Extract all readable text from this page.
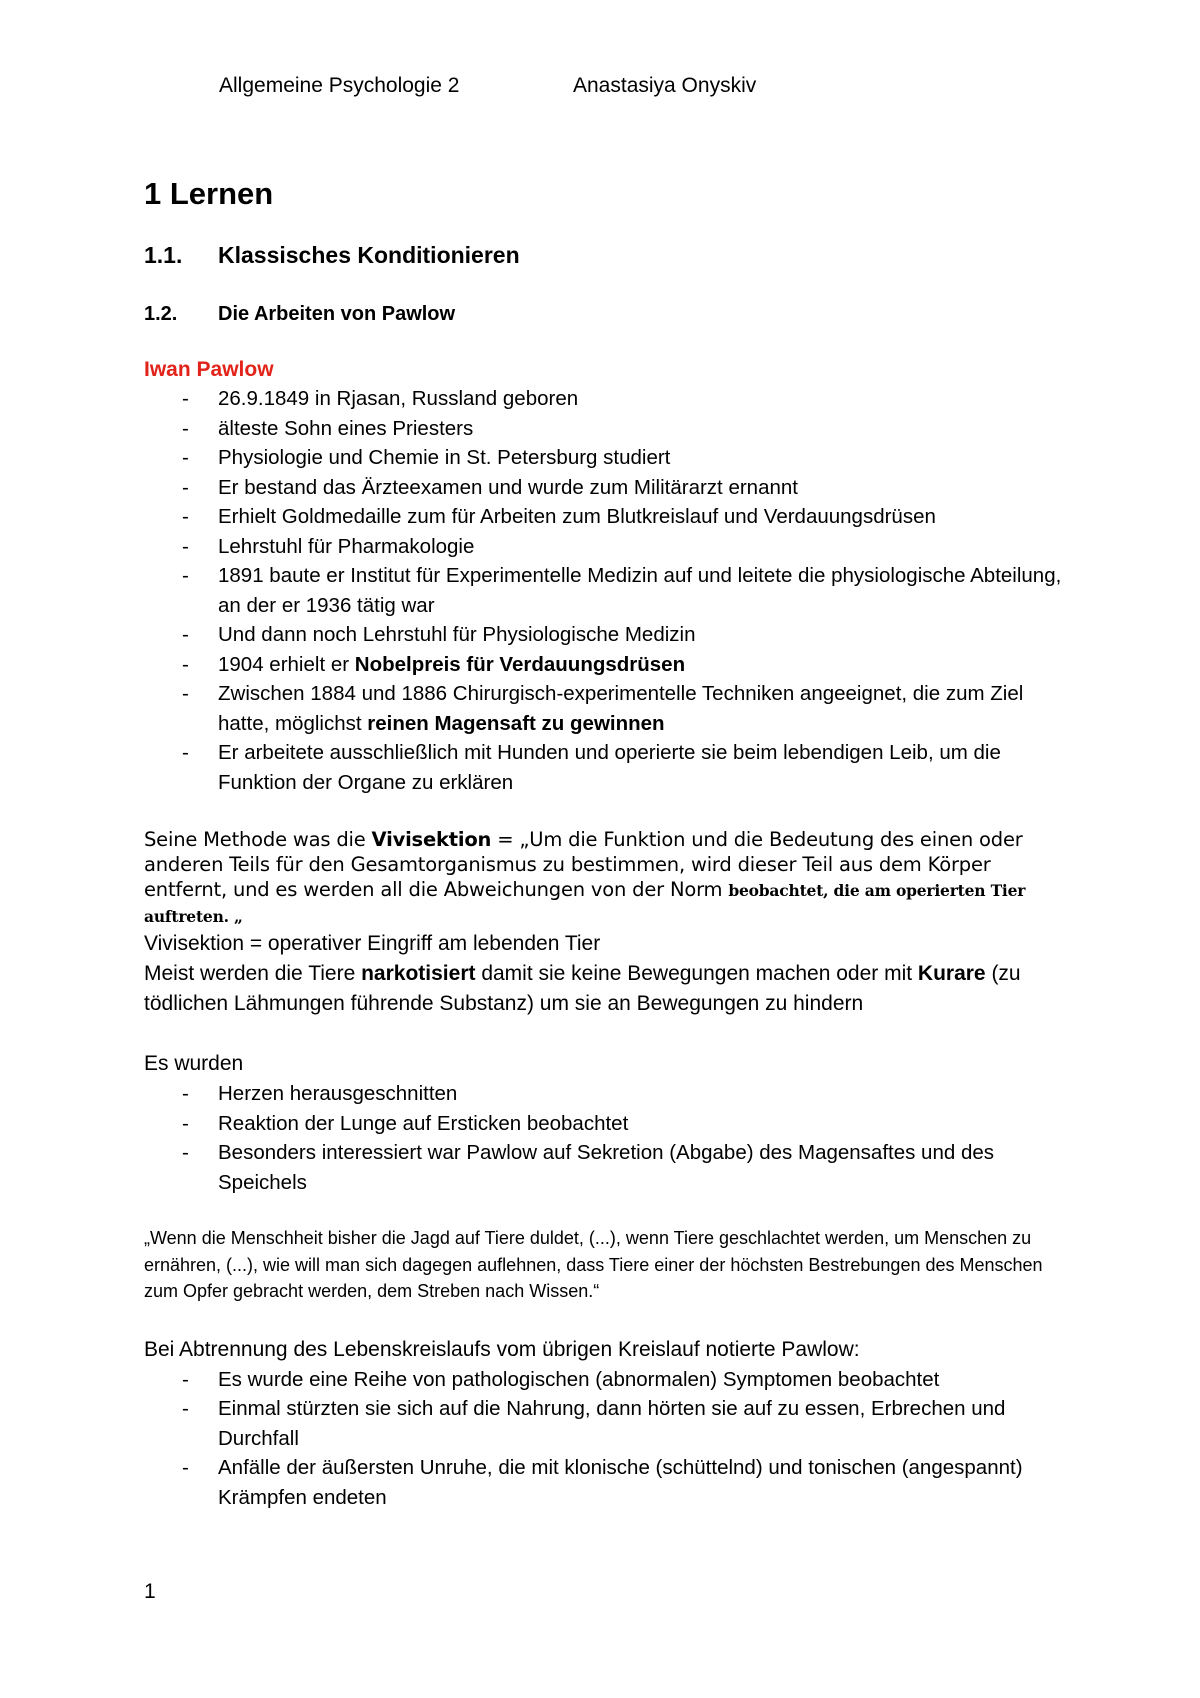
Allgemeine Psychologie 2	Anastasiya Onyskiv
1 Lernen
1.1.	Klassisches Konditionieren
1.2.	Die Arbeiten von Pawlow
Iwan Pawlow
- 26.9.1849 in Rjasan, Russland geboren
- älteste Sohn eines Priesters
- Physiologie und Chemie in St. Petersburg studiert
- Er bestand das Ärzteexamen und wurde zum Militärarzt ernannt
- Erhielt Goldmedaille zum für Arbeiten zum Blutkreislauf und Verdauungsdrüsen
- Lehrstuhl für Pharmakologie
- 1891 baute er Institut für Experimentelle Medizin auf und leitete die physiologische Abteilung, an der er 1936 tätig war
- Und dann noch Lehrstuhl für Physiologische Medizin
- 1904 erhielt er Nobelpreis für Verdauungsdrüsen
- Zwischen 1884 und 1886 Chirurgisch-experimentelle Techniken angeeignet, die zum Ziel hatte, möglichst reinen Magensaft zu gewinnen
- Er arbeitete ausschließlich mit Hunden und operierte sie beim lebendigen Leib, um die Funktion der Organe zu erklären
Seine Methode was die Vivisektion = „Um die Funktion und die Bedeutung des einen oder anderen Teils für den Gesamtorganismus zu bestimmen, wird dieser Teil aus dem Körper entfernt, und es werden all die Abweichungen von der Norm beobachtet, die am operierten Tier auftreten. „
Vivisektion = operativer Eingriff am lebenden Tier
Meist werden die Tiere narkotisiert damit sie keine Bewegungen machen oder mit Kurare (zu tödlichen Lähmungen führende Substanz) um sie an Bewegungen zu hindern
Es wurden
- Herzen herausgeschnitten
- Reaktion der Lunge auf Ersticken beobachtet
- Besonders interessiert war Pawlow auf Sekretion (Abgabe) des Magensaftes und des Speichels
„Wenn die Menschheit bisher die Jagd auf Tiere duldet, (...), wenn Tiere geschlachtet werden, um Menschen zu ernähren, (...), wie will man sich dagegen auflehnen, dass Tiere einer der höchsten Bestrebungen des Menschen zum Opfer gebracht werden, dem Streben nach Wissen.“
Bei Abtrennung des Lebenskreislaufs vom übrigen Kreislauf notierte Pawlow:
- Es wurde eine Reihe von pathologischen (abnormalen) Symptomen beobachtet
- Einmal stürzten sie sich auf die Nahrung, dann hörten sie auf zu essen, Erbrechen und Durchfall
- Anfälle der äußersten Unruhe, die mit klonische (schüttelnd) und tonischen (angespannt) Krämpfen endeten
1
